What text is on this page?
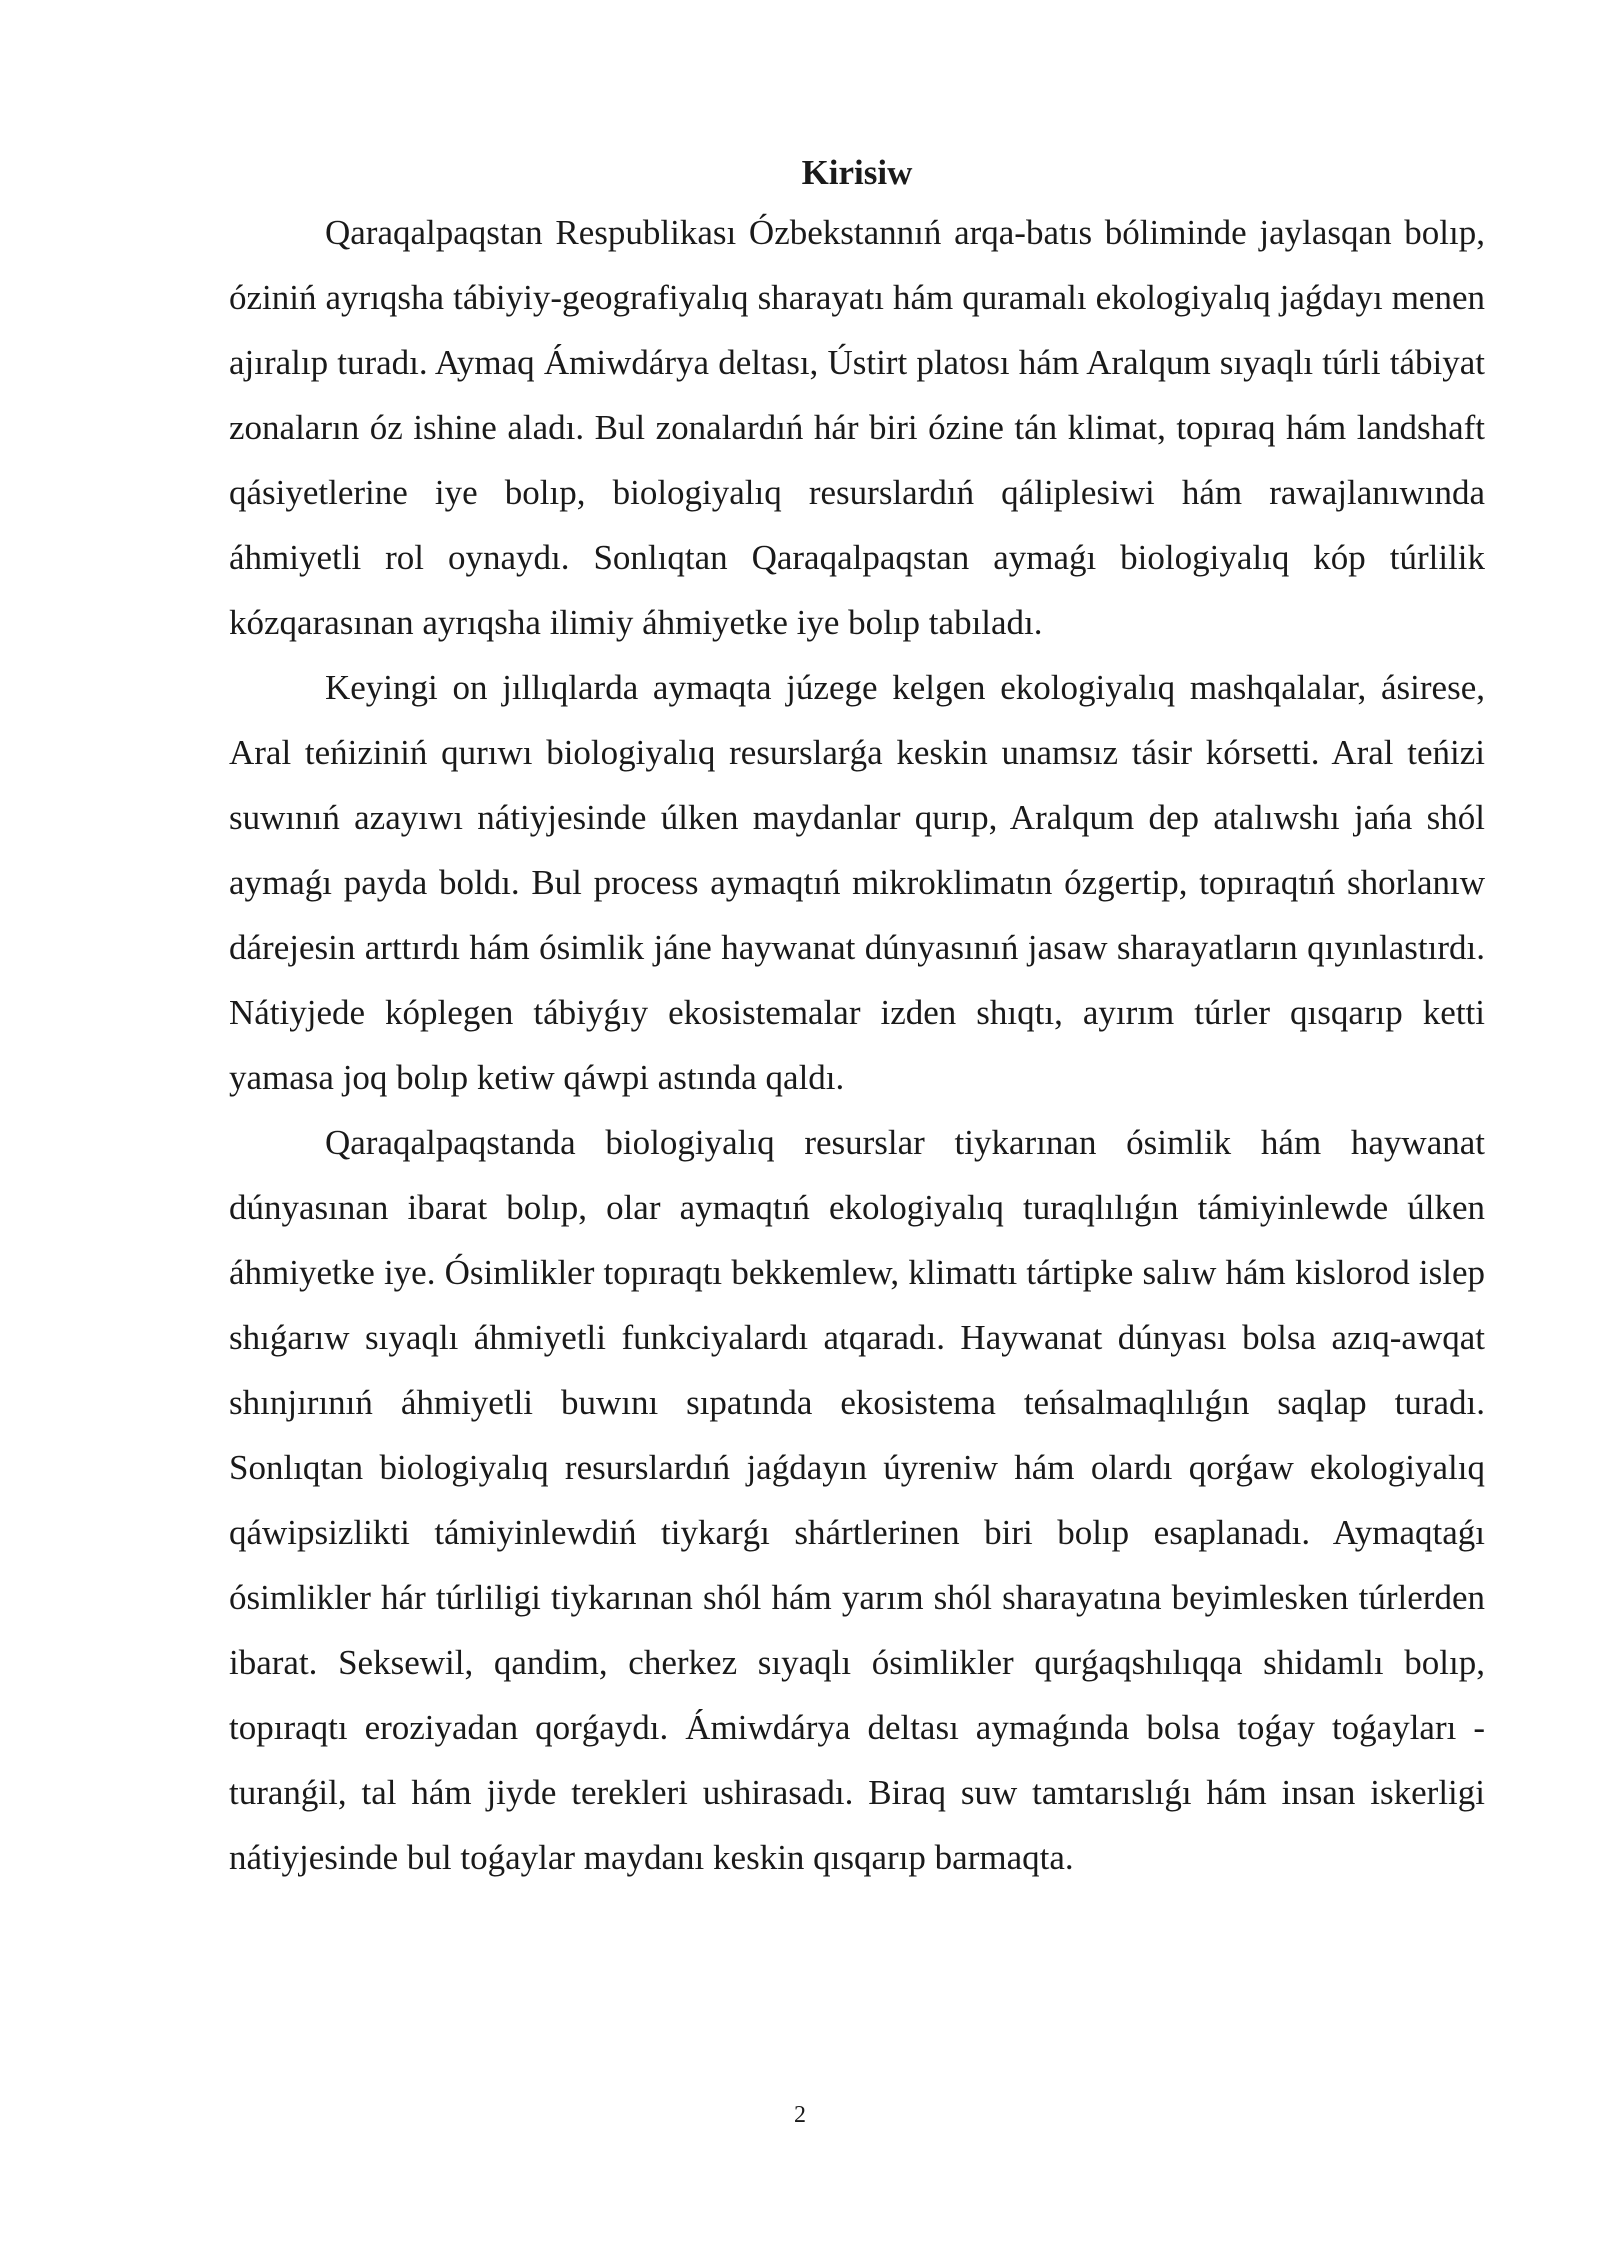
Kirisiw

Qaraqalpaqstan Respublikası Ózbekstannıń arqa-batıs bóliminde jaylasqan bolıp, óziniń ayrıqsha tábiyiy-geografiyalıq sharayatı hám quramalı ekologiyalıq jaǵdayı menen ajıralıp turadı. Aymaq Ámiwdárya deltası, Ústirt platosı hám Aralqum sıyaqlı túrli tábiyat zonaların óz ishine aladı. Bul zonalardıń hár biri ózine tán klimat, topıraq hám landshaft qásiyetlerine iye bolıp, biologiyalıq resurslardıń qáliplesiwi hám rawajlanıwında áhmiyetli rol oynaydı. Sonlıqtan Qaraqalpaqstan aymaǵı biologiyalıq kóp túrlilik kózqarasınan ayrıqsha ilimiy áhmiyetke iye bolıp tabıladı.

Keyingi on jıllıqlarda aymaqta júzege kelgen ekologiyalıq mashqalalar, ásirese, Aral teńiziniń qurıwı biologiyalıq resurslarǵa keskin unamsız tásir kórsetti. Aral teńizi suwınıń azayıwı nátiyjesinde úlken maydanlar qurıp, Aralqum dep atalıwshı jańa shól aymaǵı payda boldı. Bul process aymaqtıń mikroklimatın ózgertip, topıraqtıń shorlanıw dárejesin arttırdı hám ósimlik jáne haywanat dúnyasınıń jasaw sharayatların qıyınlastırdı. Nátiyjede kóplegen tábiyǵıy ekosistemalar izden shıqtı, ayırım túrler qısqarıp ketti yamasa joq bolıp ketiw qáwpi astında qaldı.

Qaraqalpaqstanda biologiyalıq resurslar tiykarınan ósimlik hám haywanat dúnyasınan ibarat bolıp, olar aymaqtıń ekologiyalıq turaqlılıǵın támiyinlewde úlken áhmiyetke iye. Ósimlikler topıraqtı bekkemlew, klimattı tártipke salıw hám kislorod islep shıǵarıw sıyaqlı áhmiyetli funkciyalardı atqaradı. Haywanat dúnyası bolsa azıq-awqat shınjırınıń áhmiyetli buwını sıpatında ekosistema teńsalmaqlılıǵın saqlap turadı. Sonlıqtan biologiyalıq resurslardıń jaǵdayın úyreniw hám olardı qorǵaw ekologiyalıq qáwipsizlikti támiyinlewdiń tiykarǵı shártlerinen biri bolıp esaplanadı. Aymaqtaǵı ósimlikler hár túrliligi tiykarınan shól hám yarım shól sharayatına beyimlesken túrlerden ibarat. Seksewil, qandim, cherkez sıyaqlı ósimlikler qurǵaqshılıqqa shidamlı bolıp, topıraqtı eroziyadan qorǵaydı. Ámiwdárya deltası aymaǵında bolsa toǵay toǵayları - turanǵil, tal hám jiyde terekleri ushirasadı. Biraq suw tamtarıslıǵı hám insan iskerligi nátiyjesinde bul toǵaylar maydanı keskin qısqarıp barmaqta.

2
